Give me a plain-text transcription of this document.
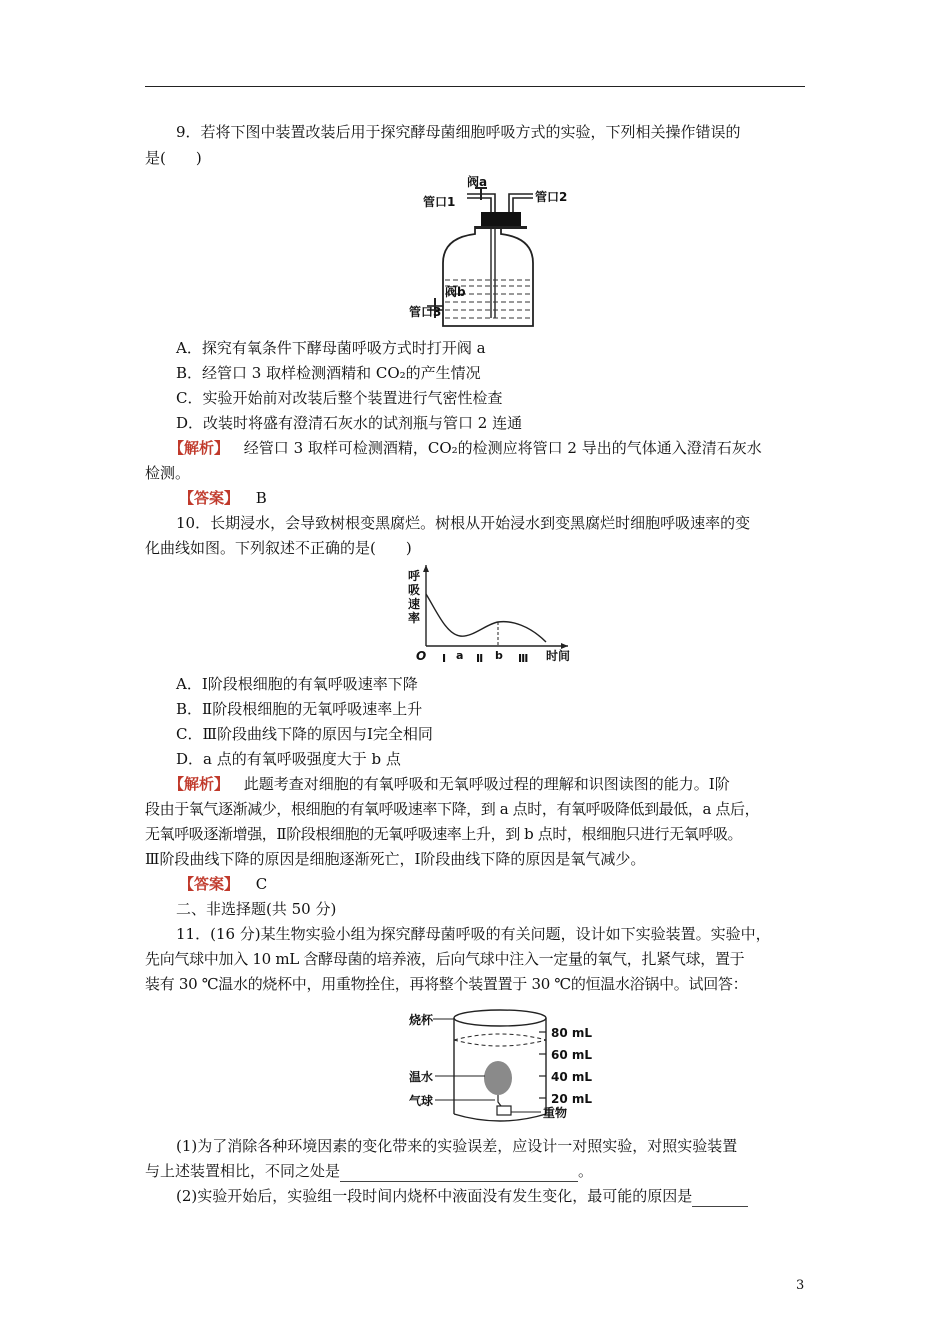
9．若将下图中装置改装后用于探究酵母菌细胞呼吸方式的实验，下列相关操作错误的
是(　　)
阀a
管口1	管口2
阀b
管口3
A．探究有氧条件下酵母菌呼吸方式时打开阀 a
B．经管口 3 取样检测酒精和 CO₂的产生情况
C．实验开始前对改装后整个装置进行气密性检查
D．改装时将盛有澄清石灰水的试剂瓶与管口 2 连通
【解析】 经管口 3 取样可检测酒精，CO₂的检测应将管口 2 导出的气体通入澄清石灰水
检测。
【答案】 B
10．长期浸水，会导致树根变黑腐烂。树根从开始浸水到变黑腐烂时细胞呼吸速率的变
化曲线如图。下列叙述不正确的是(　　)
呼
吸
速
率
O Ⅰ a Ⅱ b Ⅲ 时间
A．Ⅰ阶段根细胞的有氧呼吸速率下降
B．Ⅱ阶段根细胞的无氧呼吸速率上升
C．Ⅲ阶段曲线下降的原因与Ⅰ完全相同
D．a 点的有氧呼吸强度大于 b 点
【解析】 此题考查对细胞的有氧呼吸和无氧呼吸过程的理解和识图读图的能力。Ⅰ阶
段由于氧气逐渐减少，根细胞的有氧呼吸速率下降，到 a 点时，有氧呼吸降低到最低，a 点后，
无氧呼吸逐渐增强，Ⅱ阶段根细胞的无氧呼吸速率上升，到 b 点时，根细胞只进行无氧呼吸。
Ⅲ阶段曲线下降的原因是细胞逐渐死亡，Ⅰ阶段曲线下降的原因是氧气减少。
【答案】 C
二、非选择题(共 50 分)
11．(16 分)某生物实验小组为探究酵母菌呼吸的有关问题，设计如下实验装置。实验中，
先向气球中加入 10 mL 含酵母菌的培养液，后向气球中注入一定量的氧气，扎紧气球，置于
装有 30 ℃温水的烧杯中，用重物拴住，再将整个装置置于 30 ℃的恒温水浴锅中。试回答：
烧杯
温水
气球
重物
80 mL
60 mL
40 mL
20 mL
(1)为了消除各种环境因素的变化带来的实验误差，应设计一对照实验，对照实验装置
与上述装置相比，不同之处是	。
(2)实验开始后，实验组一段时间内烧杯中液面没有发生变化，最可能的原因是
3
